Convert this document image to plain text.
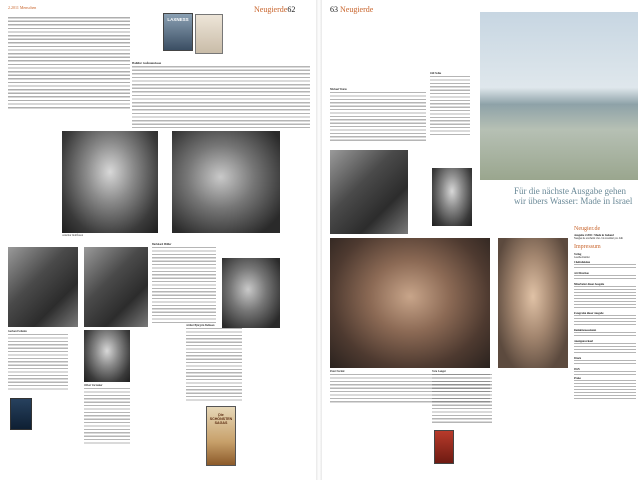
2.2011 Menschen	Neugierde62
LAXNESS
Halldór Guðmundsson
Arnaldur Indriðason
Gerhard Schulze
Oliver Vorreuter
Burkhard Müller
Arthur Björgvin Bollason
Die SCHÖNSTEN SAGAS
63 Neugierde
Michael Wurm
Jöll Nolke
Für die nächste Ausgabe gehen wir übers Wasser: Made in Israel
Peter Nordal	Vera Langer
Neugier.de
Ausgabe 2/2011: Made in Iceland
Neugier.de erscheint vier- bis zweimal pro Jahr
Impressum
Verlag
Goethe-Institut
Chefredaktion
Art Direction
Mitarbeiter dieser Ausgabe
Fotografen dieser Ausgabe
Redaktionsassistenz
Anzeigenverkauf
Druck
ISSN
Preise
